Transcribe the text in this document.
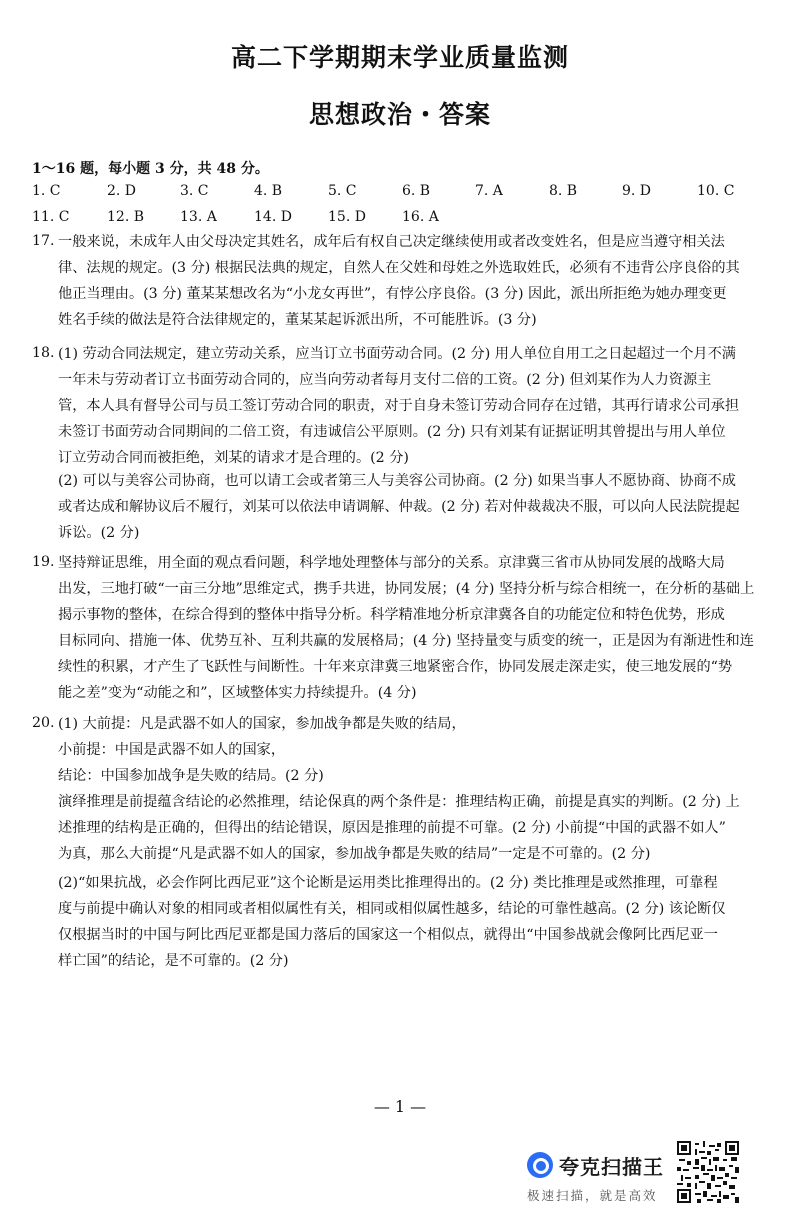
高二下学期期末学业质量监测
思想政治・答案
1～16 题，每小题 3 分，共 48 分。
1. C	2. D	3. C	4. B	5. C	6. B	7. A	8. B	9. D	10. C
11. C	12. B	13. A	14. D	15. D	16. A
17. 一般来说，未成年人由父母决定其姓名，成年后有权自己决定继续使用或者改变姓名，但是应当遵守相关法
律、法规的规定。(3 分) 根据民法典的规定，自然人在父姓和母姓之外选取姓氏，必须有不违背公序良俗的其
他正当理由。(3 分) 董某某想改名为“小龙女再世”，有悖公序良俗。(3 分) 因此，派出所拒绝为她办理变更
姓名手续的做法是符合法律规定的，董某某起诉派出所，不可能胜诉。(3 分)
18. (1) 劳动合同法规定，建立劳动关系，应当订立书面劳动合同。(2 分) 用人单位自用工之日起超过一个月不满
一年未与劳动者订立书面劳动合同的，应当向劳动者每月支付二倍的工资。(2 分) 但刘某作为人力资源主
管，本人具有督导公司与员工签订劳动合同的职责，对于自身未签订劳动合同存在过错，其再行请求公司承担
未签订书面劳动合同期间的二倍工资，有违诚信公平原则。(2 分) 只有刘某有证据证明其曾提出与用人单位
订立劳动合同而被拒绝，刘某的请求才是合理的。(2 分)
(2) 可以与美容公司协商，也可以请工会或者第三人与美容公司协商。(2 分) 如果当事人不愿协商、协商不成
或者达成和解协议后不履行，刘某可以依法申请调解、仲裁。(2 分) 若对仲裁裁决不服，可以向人民法院提起
诉讼。(2 分)
19. 坚持辩证思维，用全面的观点看问题，科学地处理整体与部分的关系。京津冀三省市从协同发展的战略大局
出发，三地打破“一亩三分地”思维定式，携手共进，协同发展；(4 分) 坚持分析与综合相统一，在分析的基础上
揭示事物的整体，在综合得到的整体中指导分析。科学精准地分析京津冀各自的功能定位和特色优势，形成
目标同向、措施一体、优势互补、互利共赢的发展格局；(4 分) 坚持量变与质变的统一，正是因为有渐进性和连
续性的积累，才产生了飞跃性与间断性。十年来京津冀三地紧密合作，协同发展走深走实，使三地发展的“势
能之差”变为“动能之和”，区域整体实力持续提升。(4 分)
20. (1) 大前提：凡是武器不如人的国家，参加战争都是失败的结局，
小前提：中国是武器不如人的国家，
结论：中国参加战争是失败的结局。(2 分)
演绎推理是前提蕴含结论的必然推理，结论保真的两个条件是：推理结构正确，前提是真实的判断。(2 分) 上
述推理的结构是正确的，但得出的结论错误，原因是推理的前提不可靠。(2 分) 小前提“中国的武器不如人”
为真，那么大前提“凡是武器不如人的国家，参加战争都是失败的结局”一定是不可靠的。(2 分)
(2)“如果抗战，必会作阿比西尼亚”这个论断是运用类比推理得出的。(2 分) 类比推理是或然推理，可靠程
度与前提中确认对象的相同或者相似属性有关，相同或相似属性越多，结论的可靠性越高。(2 分) 该论断仅
仅根据当时的中国与阿比西尼亚都是国力落后的国家这一个相似点，就得出“中国参战就会像阿比西尼亚一
样亡国”的结论，是不可靠的。(2 分)
— 1 —
夸克扫描王
极速扫描，就是高效
